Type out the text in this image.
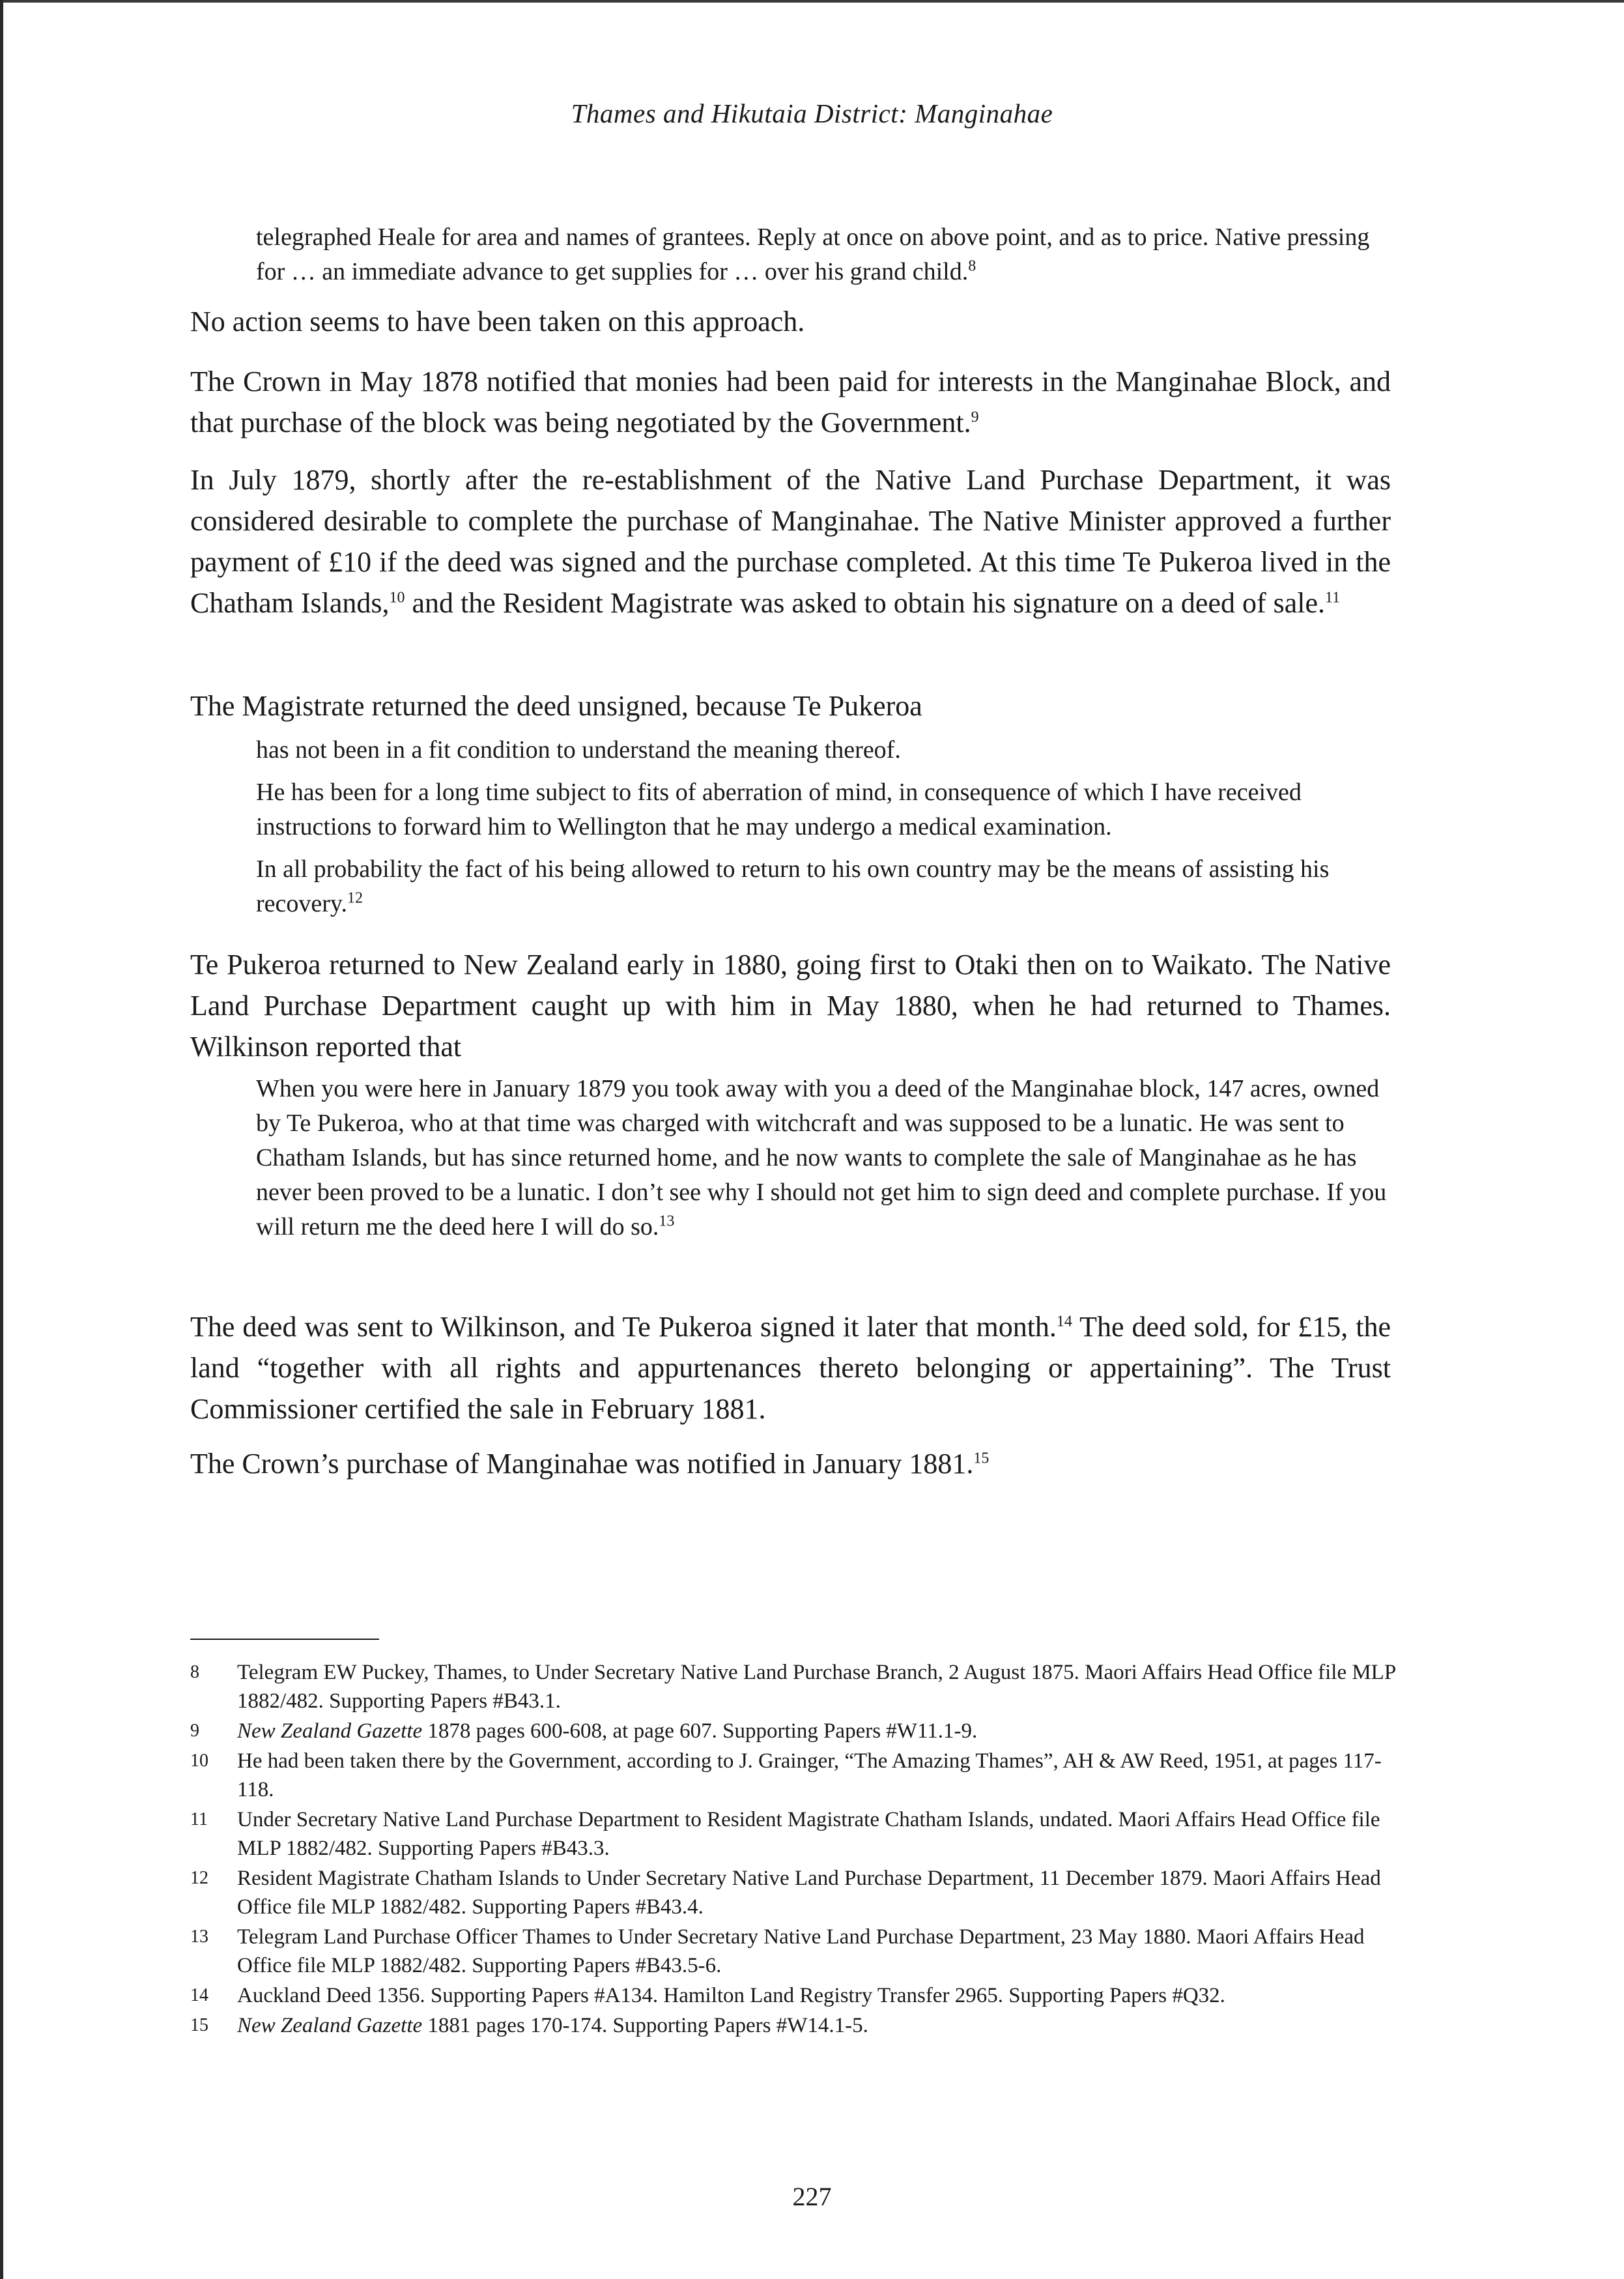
Thames and Hikutaia District: Manginahae

telegraphed Heale for area and names of grantees. Reply at once on above point, and as to price. Native pressing for … an immediate advance to get supplies for … over his grand child.$^8$

No action seems to have been taken on this approach.

The Crown in May 1878 notified that monies had been paid for interests in the Manginahae Block, and that purchase of the block was being negotiated by the Government.$^9$

In July 1879, shortly after the re-establishment of the Native Land Purchase Department, it was considered desirable to complete the purchase of Manginahae. The Native Minister approved a further payment of £10 if the deed was signed and the purchase completed. At this time Te Pukeroa lived in the Chatham Islands,$^{10}$ and the Resident Magistrate was asked to obtain his signature on a deed of sale.$^{11}$

The Magistrate returned the deed unsigned, because Te Pukeroa

has not been in a fit condition to understand the meaning thereof.

He has been for a long time subject to fits of aberration of mind, in consequence of which I have received instructions to forward him to Wellington that he may undergo a medical examination.

In all probability the fact of his being allowed to return to his own country may be the means of assisting his recovery.$^{12}$

Te Pukeroa returned to New Zealand early in 1880, going first to Otaki then on to Waikato. The Native Land Purchase Department caught up with him in May 1880, when he had returned to Thames. Wilkinson reported that

When you were here in January 1879 you took away with you a deed of the Manginahae block, 147 acres, owned by Te Pukeroa, who at that time was charged with witchcraft and was supposed to be a lunatic. He was sent to Chatham Islands, but has since returned home, and he now wants to complete the sale of Manginahae as he has never been proved to be a lunatic. I don’t see why I should not get him to sign deed and complete purchase. If you will return me the deed here I will do so.$^{13}$

The deed was sent to Wilkinson, and Te Pukeroa signed it later that month.$^{14}$ The deed sold, for £15, the land “together with all rights and appurtenances thereto belonging or appertaining”. The Trust Commissioner certified the sale in February 1881.

The Crown’s purchase of Manginahae was notified in January 1881.15

8	Telegram EW Puckey, Thames, to Under Secretary Native Land Purchase Branch, 2 August 1875. Maori Affairs Head Office file MLP 1882/482. Supporting Papers #B43.1.
9	New Zealand Gazette 1878 pages 600-608, at page 607. Supporting Papers #W11.1-9.
10	He had been taken there by the Government, according to J. Grainger, “The Amazing Thames”, AH & AW Reed, 1951, at pages 117-118.
11	Under Secretary Native Land Purchase Department to Resident Magistrate Chatham Islands, undated. Maori Affairs Head Office file MLP 1882/482. Supporting Papers #B43.3.
12	Resident Magistrate Chatham Islands to Under Secretary Native Land Purchase Department, 11 December 1879. Maori Affairs Head Office file MLP 1882/482. Supporting Papers #B43.4.
13	Telegram Land Purchase Officer Thames to Under Secretary Native Land Purchase Department, 23 May 1880. Maori Affairs Head Office file MLP 1882/482. Supporting Papers #B43.5-6.
14	Auckland Deed 1356. Supporting Papers #A134. Hamilton Land Registry Transfer 2965. Supporting Papers #Q32.
15	New Zealand Gazette 1881 pages 170-174. Supporting Papers #W14.1-5.
227
